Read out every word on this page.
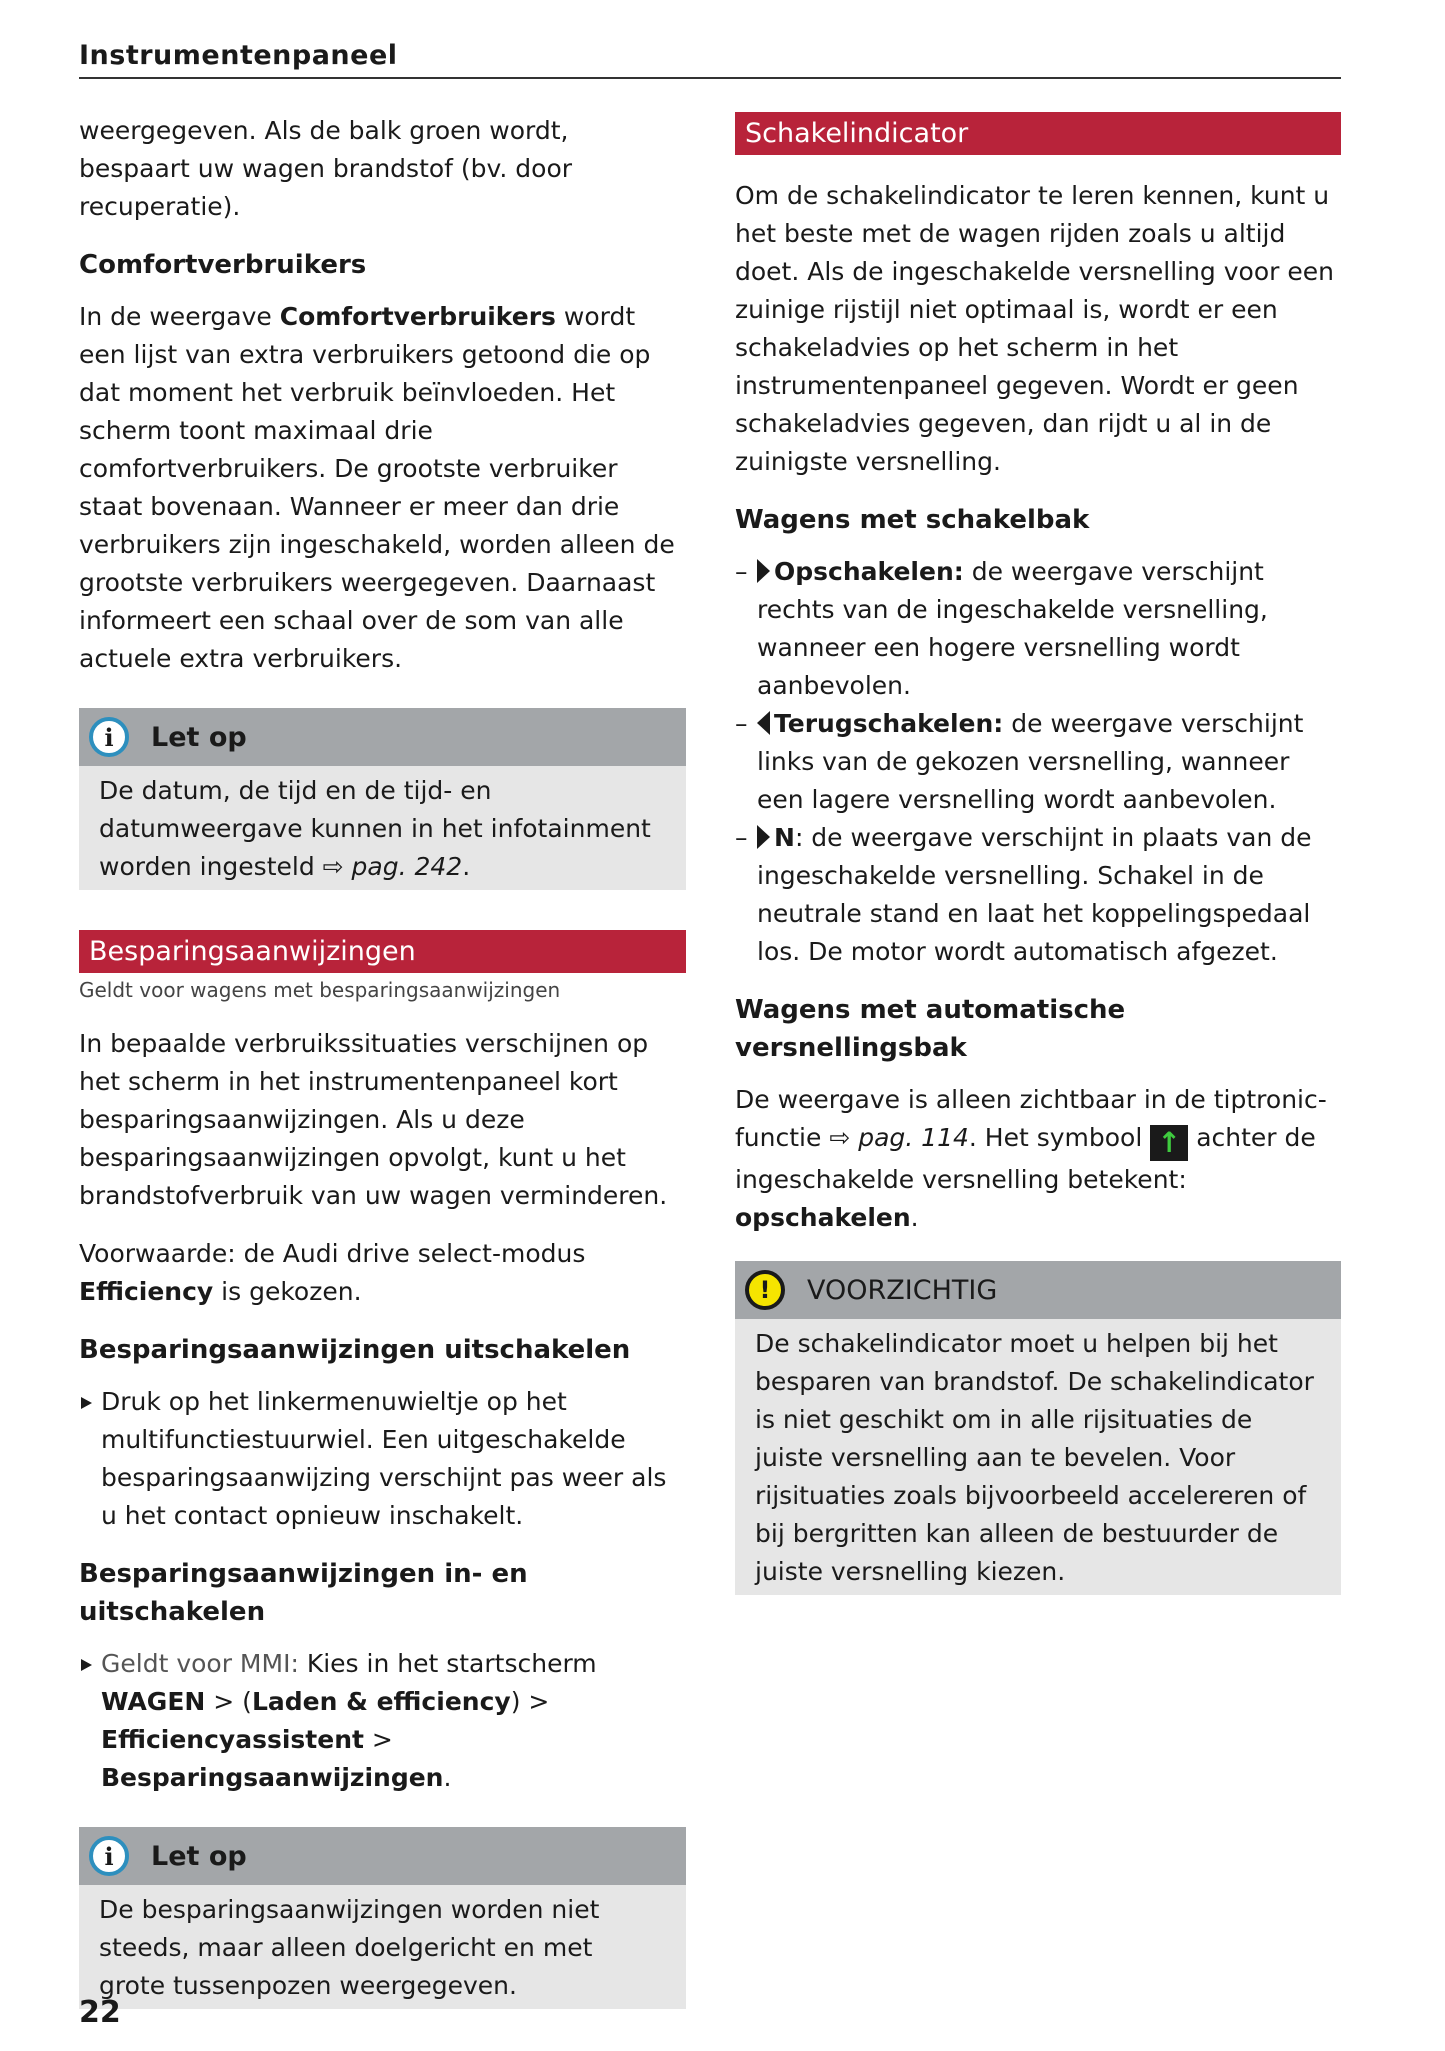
Instrumentenpaneel

weergegeven. Als de balk groen wordt, bespaart uw wagen brandstof (bv. door recuperatie).

Comfortverbruikers

In de weergave Comfortverbruikers wordt een lijst van extra verbruikers getoond die op dat moment het verbruik beïnvloeden. Het scherm toont maximaal drie comfortverbruikers. De grootste verbruiker staat bovenaan. Wanneer er meer dan drie verbruikers zijn ingeschakeld, worden alleen de grootste verbruikers weergegeven. Daarnaast informeert een schaal over de som van alle actuele extra verbruikers.

i	Let op

De datum, de tijd en de tijd- en datumweergave kunnen in het infotainment worden ingesteld ⇨ pag. 242.

Besparingsaanwijzingen
Geldt voor wagens met besparingsaanwijzingen

In bepaalde verbruikssituaties verschijnen op het scherm in het instrumentenpaneel kort besparingsaanwijzingen. Als u deze besparingsaanwijzingen opvolgt, kunt u het brandstofverbruik van uw wagen verminderen.

Voorwaarde: de Audi drive select-modus Efficiency is gekozen.

Besparingsaanwijzingen uitschakelen

Druk op het linkermenuwieltje op het multifunctiestuurwiel. Een uitgeschakelde besparingsaanwijzing verschijnt pas weer als u het contact opnieuw inschakelt.

Besparingsaanwijzingen in- en uitschakelen

Geldt voor MMI: Kies in het startscherm WAGEN > (Laden & efficiency) > Efficiencyassistent > Besparingsaanwijzingen.

i	Let op

De besparingsaanwijzingen worden niet steeds, maar alleen doelgericht en met grote tussenpozen weergegeven.

Schakelindicator

Om de schakelindicator te leren kennen, kunt u het beste met de wagen rijden zoals u altijd doet. Als de ingeschakelde versnelling voor een zuinige rijstijl niet optimaal is, wordt er een schakeladvies op het scherm in het instrumentenpaneel gegeven. Wordt er geen schakeladvies gegeven, dan rijdt u al in de zuinigste versnelling.

Wagens met schakelbak

– Opschakelen: de weergave verschijnt rechts van de ingeschakelde versnelling, wanneer een hogere versnelling wordt aanbevolen.

– Terugschakelen: de weergave verschijnt links van de gekozen versnelling, wanneer een lagere versnelling wordt aanbevolen.

– N: de weergave verschijnt in plaats van de ingeschakelde versnelling. Schakel in de neutrale stand en laat het koppelingspedaal los. De motor wordt automatisch afgezet.

Wagens met automatische versnellingsbak

De weergave is alleen zichtbaar in de tiptronic-functie ⇨ pag. 114. Het symbool ↑ achter de ingeschakelde versnelling betekent: opschakelen.

!	VOORZICHTIG

De schakelindicator moet u helpen bij het besparen van brandstof. De schakelindicator is niet geschikt om in alle rijsituaties de juiste versnelling aan te bevelen. Voor rijsituaties zoals bijvoorbeeld accelereren of bij bergritten kan alleen de bestuurder de juiste versnelling kiezen.

22
